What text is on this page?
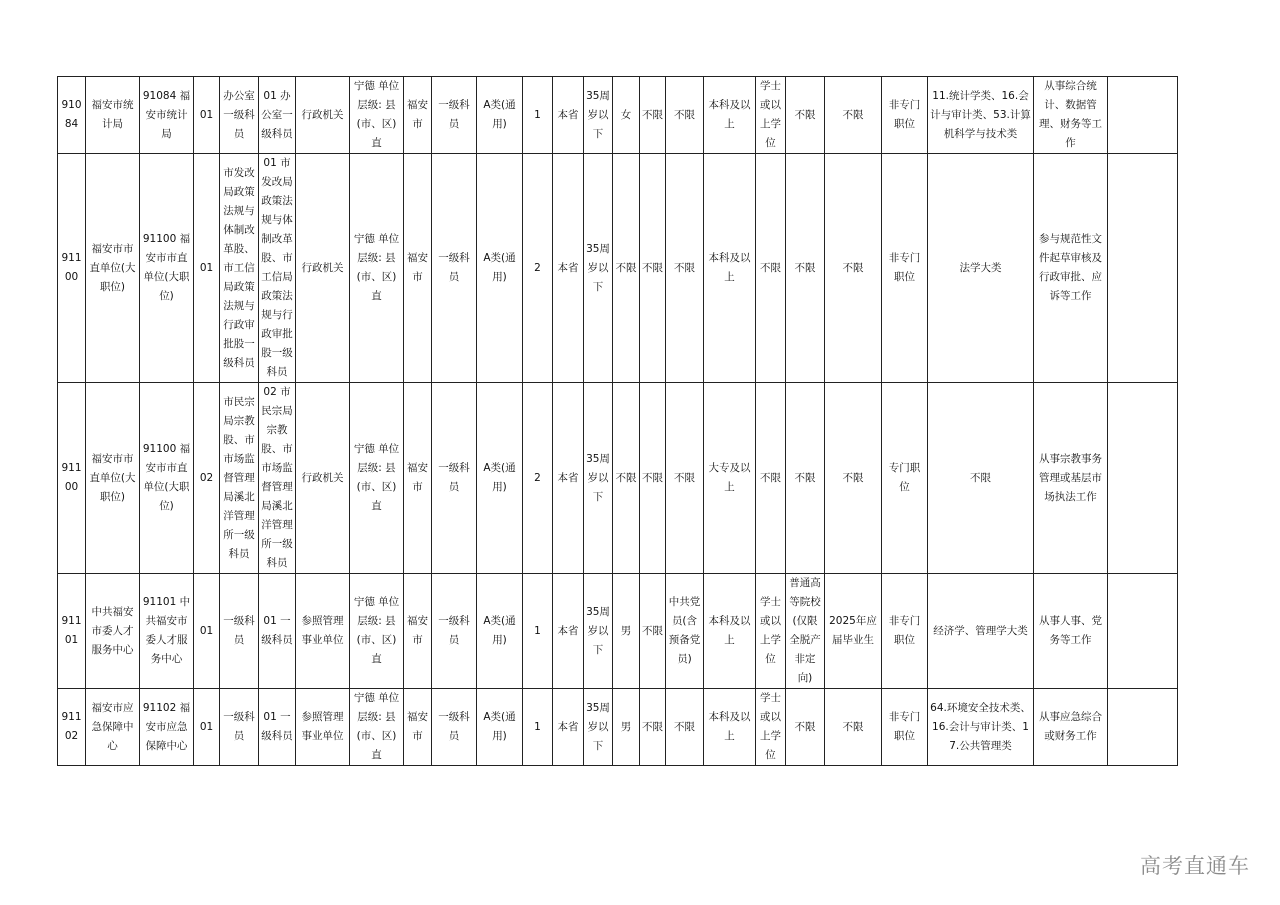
91084	福安市统计局	91084 福安市统计局	01	办公室一级科员	01 办公室一级科员	行政机关	宁德 单位层级: 县(市、区)直	福安市	一级科员	A类(通用)	1	本省	35周岁以下	女	不限	不限	本科及以上	学士或以上学位	不限	不限	非专门职位	11.统计学类、16.会计与审计类、53.计算机科学与技术类	从事综合统计、数据管理、财务等工作	
91100	福安市市直单位(大职位)	91100 福安市市直单位(大职位)	01	市发改局政策法规与体制改革股、市工信局政策法规与行政审批股一级科员	01 市发改局政策法规与体制改革股、市工信局政策法规与行政审批股一级科员	行政机关	宁德 单位层级: 县(市、区)直	福安市	一级科员	A类(通用)	2	本省	35周岁以下	不限	不限	不限	本科及以上	不限	不限	不限	非专门职位	法学大类	参与规范性文件起草审核及行政审批、应诉等工作	
91100	福安市市直单位(大职位)	91100 福安市市直单位(大职位)	02	市民宗局宗教股、市市场监督管理局溪北洋管理所一级科员	02 市民宗局宗教股、市市场监督管理局溪北洋管理所一级科员	行政机关	宁德 单位层级: 县(市、区)直	福安市	一级科员	A类(通用)	2	本省	35周岁以下	不限	不限	不限	大专及以上	不限	不限	不限	专门职位	不限	从事宗教事务管理或基层市场执法工作	
91101	中共福安市委人才服务中心	91101 中共福安市委人才服务中心	01	一级科员	01 一级科员	参照管理事业单位	宁德 单位层级: 县(市、区)直	福安市	一级科员	A类(通用)	1	本省	35周岁以下	男	不限	中共党员(含预备党员)	本科及以上	学士或以上学位	普通高等院校(仅限全脱产非定向)	2025年应届毕业生	非专门职位	经济学、管理学大类	从事人事、党务等工作	
91102	福安市应急保障中心	91102 福安市应急保障中心	01	一级科员	01 一级科员	参照管理事业单位	宁德 单位层级: 县(市、区)直	福安市	一级科员	A类(通用)	1	本省	35周岁以下	男	不限	不限	本科及以上	学士或以上学位	不限	不限	非专门职位	64.环境安全技术类、16.会计与审计类、17.公共管理类	从事应急综合或财务工作	
高考直通车
